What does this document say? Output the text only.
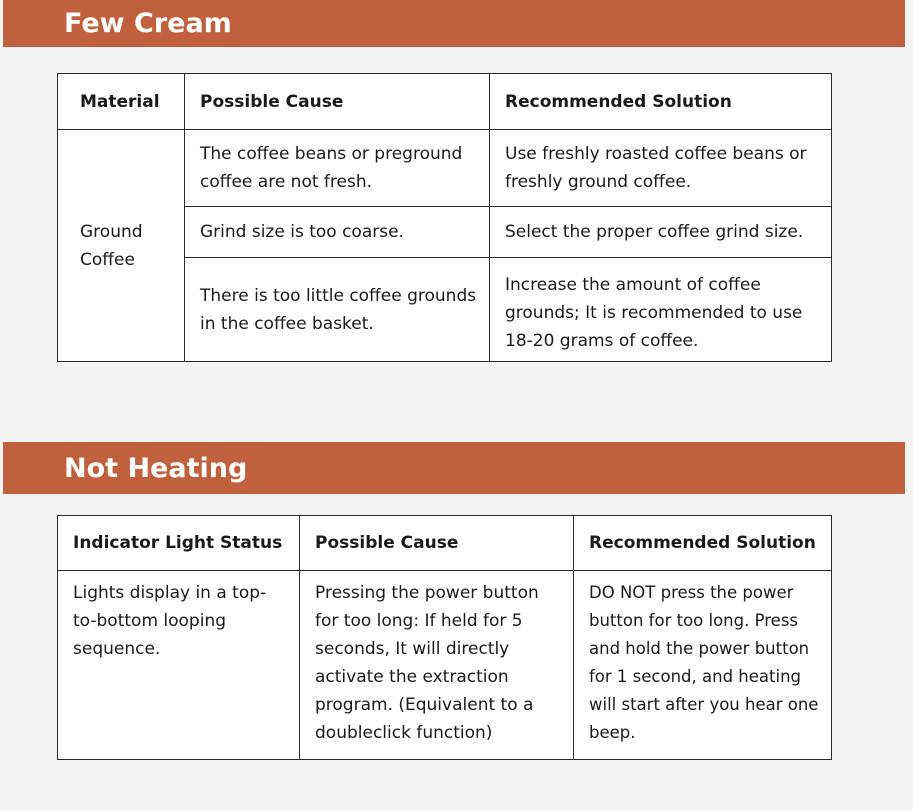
Few Cream
Material	Possible Cause	Recommended Solution
Ground Coffee	The coffee beans or preground coffee are not fresh.	Use freshly roasted coffee beans or freshly ground coffee.
	Grind size is too coarse.	Select the proper coffee grind size.
	There is too little coffee grounds in the coffee basket.	Increase the amount of coffee grounds; It is recommended to use 18-20 grams of coffee.
Not Heating
Indicator Light Status	Possible Cause	Recommended Solution
Lights display in a top-to-bottom looping sequence.	Pressing the power button for too long: If held for 5 seconds, It will directly activate the extraction program. (Equivalent to a doubleclick function)	DO NOT press the power button for too long. Press and hold the power button for 1 second, and heating will start after you hear one beep.
